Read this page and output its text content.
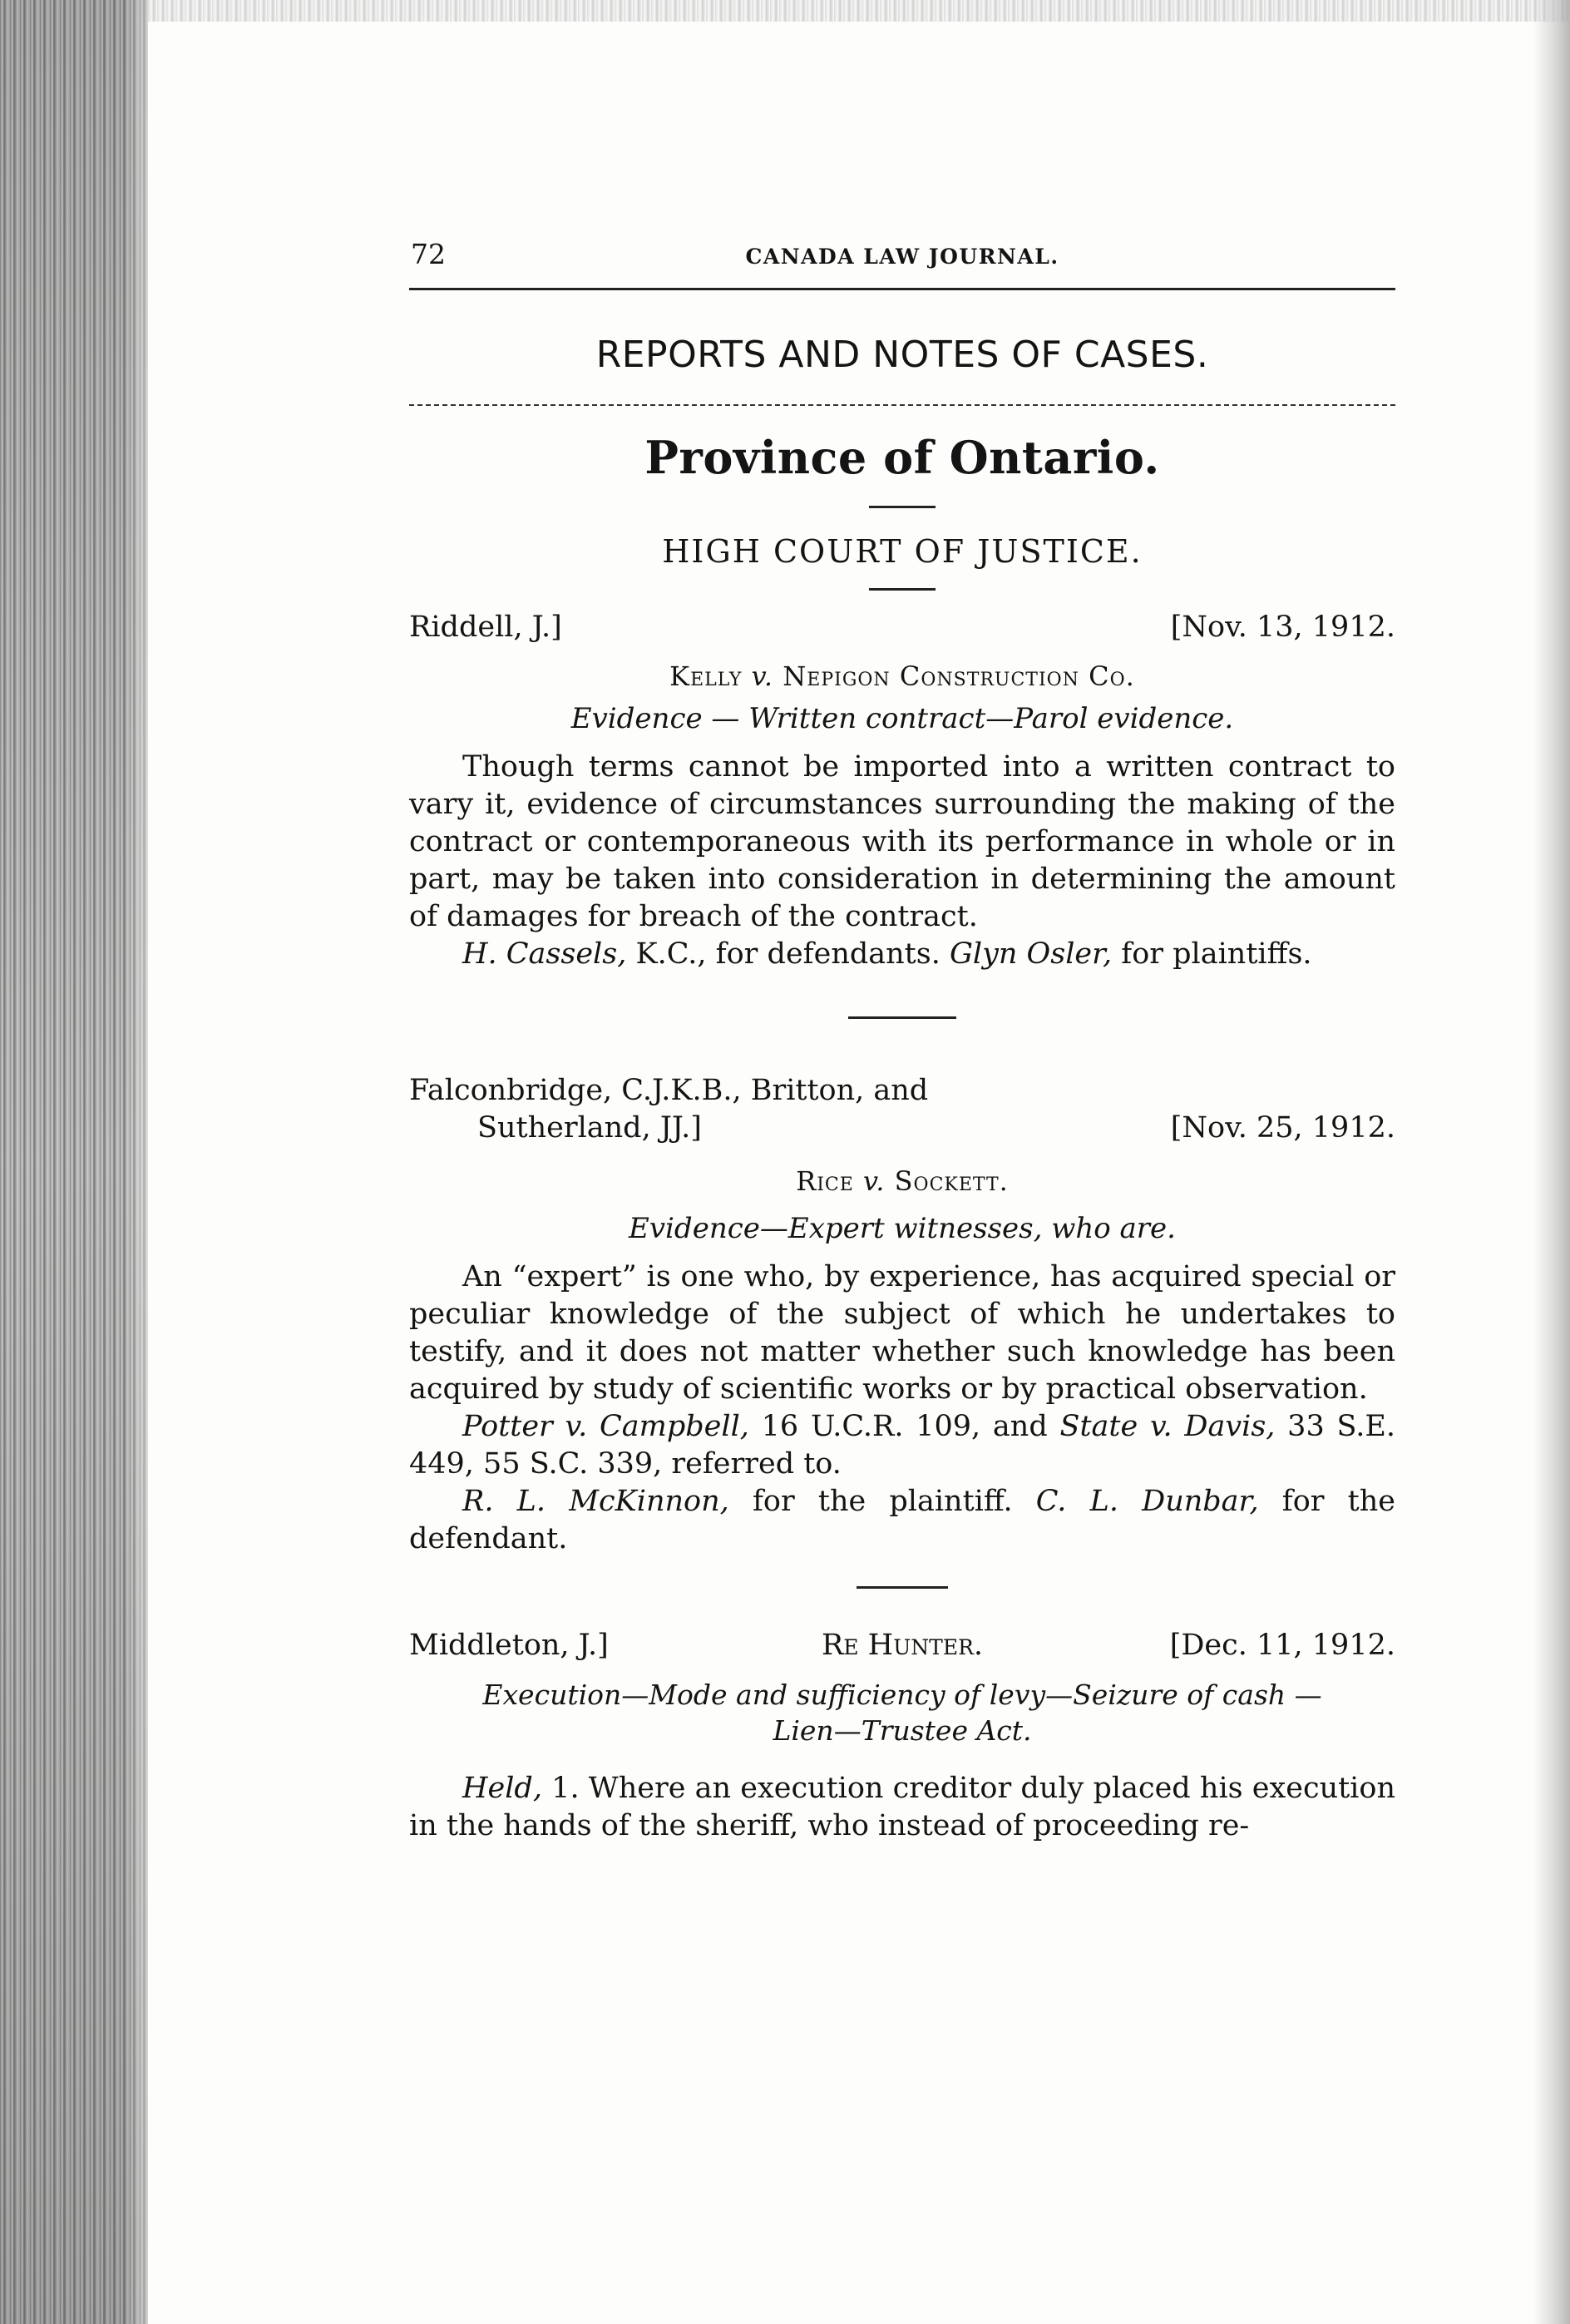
72	CANADA LAW JOURNAL.
REPORTS AND NOTES OF CASES.
Province of Ontario.
HIGH COURT OF JUSTICE.
Riddell, J.]	[Nov. 13, 1912.
Kelly v. Nepigon Construction Co.
Evidence — Written contract—Parol evidence.
Though terms cannot be imported into a written contract to vary it, evidence of circumstances surrounding the making of the contract or contemporaneous with its performance in whole or in part, may be taken into consideration in determining the amount of damages for breach of the contract.
H. Cassels, K.C., for defendants. Glyn Osler, for plaintiffs.
Falconbridge, C.J.K.B., Britton, and
Sutherland, JJ.]	[Nov. 25, 1912.
Rice v. Sockett.
Evidence—Expert witnesses, who are.
An “expert” is one who, by experience, has acquired special or peculiar knowledge of the subject of which he undertakes to testify, and it does not matter whether such knowledge has been acquired by study of scientific works or by practical observation.
Potter v. Campbell, 16 U.C.R. 109, and State v. Davis, 33 S.E. 449, 55 S.C. 339, referred to.
R. L. McKinnon, for the plaintiff. C. L. Dunbar, for the defendant.
Middleton, J.]	Re Hunter.	[Dec. 11, 1912.
Execution—Mode and sufficiency of levy—Seizure of cash —
Lien—Trustee Act.
Held, 1. Where an execution creditor duly placed his execution in the hands of the sheriff, who instead of proceeding re-
